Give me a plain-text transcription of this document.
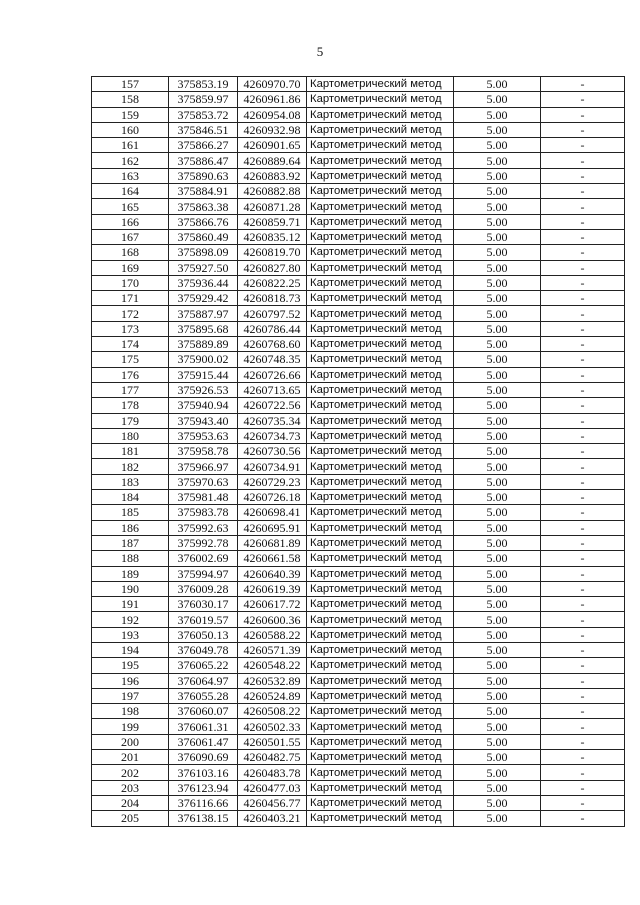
5
157	375853.19	4260970.70	Картометрический метод	5.00	-
158	375859.97	4260961.86	Картометрический метод	5.00	-
159	375853.72	4260954.08	Картометрический метод	5.00	-
160	375846.51	4260932.98	Картометрический метод	5.00	-
161	375866.27	4260901.65	Картометрический метод	5.00	-
162	375886.47	4260889.64	Картометрический метод	5.00	-
163	375890.63	4260883.92	Картометрический метод	5.00	-
164	375884.91	4260882.88	Картометрический метод	5.00	-
165	375863.38	4260871.28	Картометрический метод	5.00	-
166	375866.76	4260859.71	Картометрический метод	5.00	-
167	375860.49	4260835.12	Картометрический метод	5.00	-
168	375898.09	4260819.70	Картометрический метод	5.00	-
169	375927.50	4260827.80	Картометрический метод	5.00	-
170	375936.44	4260822.25	Картометрический метод	5.00	-
171	375929.42	4260818.73	Картометрический метод	5.00	-
172	375887.97	4260797.52	Картометрический метод	5.00	-
173	375895.68	4260786.44	Картометрический метод	5.00	-
174	375889.89	4260768.60	Картометрический метод	5.00	-
175	375900.02	4260748.35	Картометрический метод	5.00	-
176	375915.44	4260726.66	Картометрический метод	5.00	-
177	375926.53	4260713.65	Картометрический метод	5.00	-
178	375940.94	4260722.56	Картометрический метод	5.00	-
179	375943.40	4260735.34	Картометрический метод	5.00	-
180	375953.63	4260734.73	Картометрический метод	5.00	-
181	375958.78	4260730.56	Картометрический метод	5.00	-
182	375966.97	4260734.91	Картометрический метод	5.00	-
183	375970.63	4260729.23	Картометрический метод	5.00	-
184	375981.48	4260726.18	Картометрический метод	5.00	-
185	375983.78	4260698.41	Картометрический метод	5.00	-
186	375992.63	4260695.91	Картометрический метод	5.00	-
187	375992.78	4260681.89	Картометрический метод	5.00	-
188	376002.69	4260661.58	Картометрический метод	5.00	-
189	375994.97	4260640.39	Картометрический метод	5.00	-
190	376009.28	4260619.39	Картометрический метод	5.00	-
191	376030.17	4260617.72	Картометрический метод	5.00	-
192	376019.57	4260600.36	Картометрический метод	5.00	-
193	376050.13	4260588.22	Картометрический метод	5.00	-
194	376049.78	4260571.39	Картометрический метод	5.00	-
195	376065.22	4260548.22	Картометрический метод	5.00	-
196	376064.97	4260532.89	Картометрический метод	5.00	-
197	376055.28	4260524.89	Картометрический метод	5.00	-
198	376060.07	4260508.22	Картометрический метод	5.00	-
199	376061.31	4260502.33	Картометрический метод	5.00	-
200	376061.47	4260501.55	Картометрический метод	5.00	-
201	376090.69	4260482.75	Картометрический метод	5.00	-
202	376103.16	4260483.78	Картометрический метод	5.00	-
203	376123.94	4260477.03	Картометрический метод	5.00	-
204	376116.66	4260456.77	Картометрический метод	5.00	-
205	376138.15	4260403.21	Картометрический метод	5.00	-
